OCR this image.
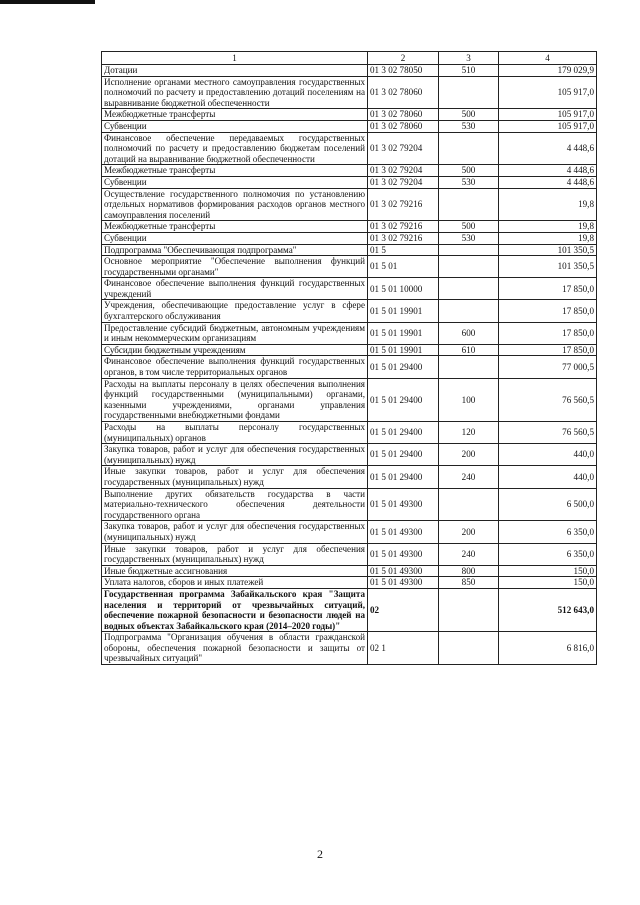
1	2	3	4
Дотации	01 3 02 78050	510	179 029,9
Исполнение органами местного самоуправления государственных полномочий по расчету и предоставлению дотаций поселениям на выравнивание бюджетной обеспеченности	01 3 02 78060		105 917,0
Межбюджетные трансферты	01 3 02 78060	500	105 917,0
Субвенции	01 3 02 78060	530	105 917,0
Финансовое обеспечение передаваемых государственных полномочий по расчету и предоставлению бюджетам поселений дотаций на выравнивание бюджетной обеспеченности	01 3 02 79204		4 448,6
Межбюджетные трансферты	01 3 02 79204	500	4 448,6
Субвенции	01 3 02 79204	530	4 448,6
Осуществление государственного полномочия по установлению отдельных нормативов формирования расходов органов местного самоуправления поселений	01 3 02 79216		19,8
Межбюджетные трансферты	01 3 02 79216	500	19,8
Субвенции	01 3 02 79216	530	19,8
Подпрограмма "Обеспечивающая подпрограмма"	01 5		101 350,5
Основное мероприятие "Обеспечение выполнения функций государственными органами"	01 5 01		101 350,5
Финансовое обеспечение выполнения функций государственных учреждений	01 5 01 10000		17 850,0
Учреждения, обеспечивающие предоставление услуг в сфере бухгалтерского обслуживания	01 5 01 19901		17 850,0
Предоставление субсидий бюджетным, автономным учреждениям и иным некоммерческим организациям	01 5 01 19901	600	17 850,0
Субсидии бюджетным учреждениям	01 5 01 19901	610	17 850,0
Финансовое обеспечение выполнения функций государственных органов, в том числе территориальных органов	01 5 01 29400		77 000,5
Расходы на выплаты персоналу в целях обеспечения выполнения функций государственными (муниципальными) органами, казенными учреждениями, органами управления государственными внебюджетными фондами	01 5 01 29400	100	76 560,5
Расходы на выплаты персоналу государственных (муниципальных) органов	01 5 01 29400	120	76 560,5
Закупка товаров, работ и услуг для обеспечения государственных (муниципальных) нужд	01 5 01 29400	200	440,0
Иные закупки товаров, работ и услуг для обеспечения государственных (муниципальных) нужд	01 5 01 29400	240	440,0
Выполнение других обязательств государства в части материально-технического обеспечения деятельности государственного органа	01 5 01 49300		6 500,0
Закупка товаров, работ и услуг для обеспечения государственных (муниципальных) нужд	01 5 01 49300	200	6 350,0
Иные закупки товаров, работ и услуг для обеспечения государственных (муниципальных) нужд	01 5 01 49300	240	6 350,0
Иные бюджетные ассигнования	01 5 01 49300	800	150,0
Уплата налогов, сборов и иных платежей	01 5 01 49300	850	150,0
Государственная программа Забайкальского края "Защита населения и территорий от чрезвычайных ситуаций, обеспечение пожарной безопасности и безопасности людей на водных объектах Забайкальского края (2014–2020 годы)"	02		512 643,0
Подпрограмма "Организация обучения в области гражданской обороны, обеспечения пожарной безопасности и защиты от чрезвычайных ситуаций"	02 1		6 816,0
2
